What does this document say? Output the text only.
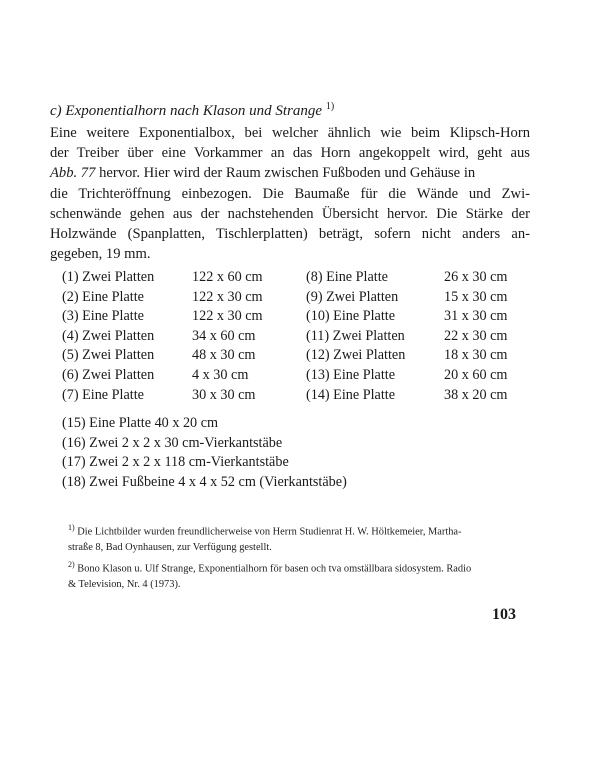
c) Exponentialhorn nach Klason und Strange $^{1)}$
Eine weitere Exponentialbox, bei welcher ähnlich wie beim Klipsch-Horn
der Treiber über eine Vorkammer an das Horn angekoppelt wird, geht aus
Abb. 77 hervor. Hier wird der Raum zwischen Fußboden und Gehäuse in
die Trichteröffnung einbezogen. Die Baumaße für die Wände und Zwi-
schenwände gehen aus der nachstehenden Übersicht hervor. Die Stärke der
Holzwände (Spanplatten, Tischlerplatten) beträgt, sofern nicht anders an-
gegeben, 19 mm.
(1) Zwei Platten	122 x 60 cm	(8) Eine Platte	26 x 30 cm
(2) Eine Platte	122 x 30 cm	(9) Zwei Platten	15 x 30 cm
(3) Eine Platte	122 x 30 cm	(10) Eine Platte	31 x 30 cm
(4) Zwei Platten	34 x 60 cm	(11) Zwei Platten	22 x 30 cm
(5) Zwei Platten	48 x 30 cm	(12) Zwei Platten	18 x 30 cm
(6) Zwei Platten	4 x 30 cm	(13) Eine Platte	20 x 60 cm
(7) Eine Platte	30 x 30 cm	(14) Eine Platte	38 x 20 cm
(15) Eine Platte 40 x 20 cm
(16) Zwei 2 x 2 x 30 cm-Vierkantstäbe
(17) Zwei 2 x 2 x 118 cm-Vierkantstäbe
(18) Zwei Fußbeine 4 x 4 x 52 cm (Vierkantstäbe)
$^{1)}$ Die Lichtbilder wurden freundlicherweise von Herrn Studienrat H. W. Höltkemeier, Martha-
straße 8, Bad Oynhausen, zur Verfügung gestellt.
$^{2)}$ Bono Klason u. Ulf Strange, Exponentialhorn för basen och tva omställbara sidosystem. Radio
& Television, Nr. 4 (1973).
103
